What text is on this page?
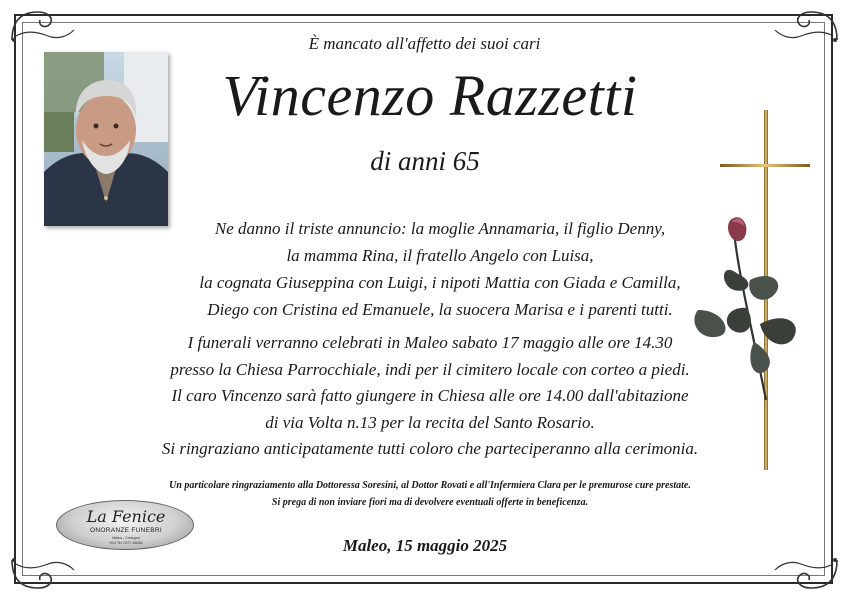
È mancato all'affetto dei suoi cari
Vincenzo Razzetti
di anni 65
Ne danno il triste annuncio: la moglie Annamaria, il figlio Denny,
la mamma Rina, il fratello Angelo con Luisa,
la cognata Giuseppina con Luigi, i nipoti Mattia con Giada e Camilla,
Diego con Cristina ed Emanuele, la suocera Marisa e i parenti tutti.
I funerali verranno celebrati in Maleo sabato 17 maggio alle ore 14.30
presso la Chiesa Parrocchiale, indi per il cimitero locale con corteo a piedi.
Il caro Vincenzo sarà fatto giungere in Chiesa alle ore 14.00 dall'abitazione
di via Volta n.13 per la recita del Santo Rosario.
Si ringraziano anticipatamente tutti coloro che parteciperanno alla cerimonia.
Un particolare ringraziamento alla Dottoressa Soresini, al Dottor Rovati e all'Infermiera Clara per le premurose cure prestate.
Si prega di non inviare fiori ma di devolvere eventuali offerte in beneficenza.
Maleo, 15 maggio 2025
La Fenice
ONORANZE FUNEBRI
Maleo - Codogno
H24 Tel. 0377.58066
